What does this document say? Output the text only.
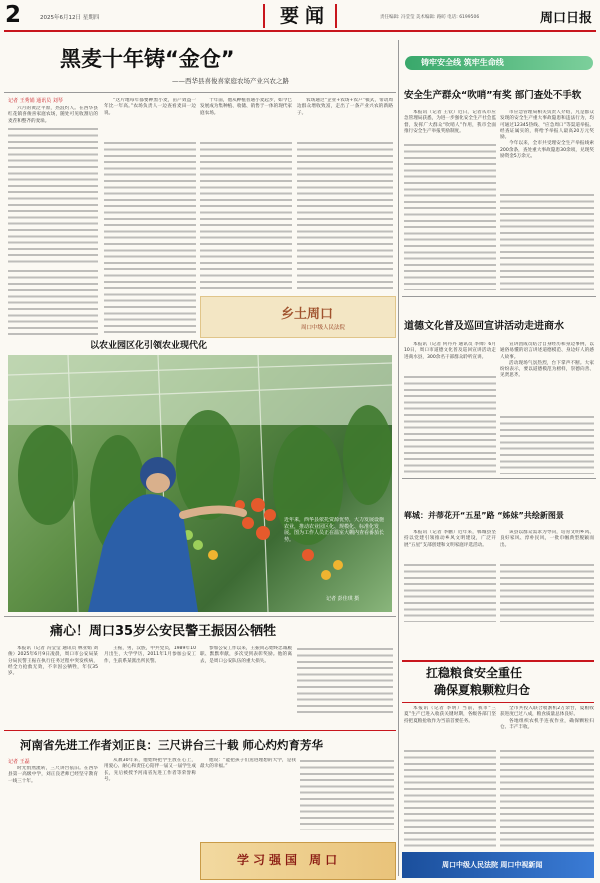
2	2025年6月12日 星期四	要闻	责任编辑: 冯莹莹 美术编辑: 路昉 电话: 6199506	周口日报
黑麦十年铸“金仓”
——西华县喜俊喜家庭农场产业兴农之路
记者 王秀娟 通讯员 刘琴

六月的黄泛平原，热浪灼人。在西华县红花镇喜俊喜家庭农场，随处可见收割后的麦茬和整齐的麦垛。

“这片地每年都要种黑小麦，亩产效益一年比一年高。”农场负责人一边查看麦田一边说。

十年前，他从种植普通小麦起步，如今已发展成为集种植、收储、销售于一体的现代家庭农场。

农场通过“企业+农场+农户”模式，带动周边群众增收致富，走出了一条产业兴农的新路子。

乡土周口
周口中级人民法院
以农业园区化引领农业现代化
近年来，西华县依托资源优势，大力发展设施农业，推动农业园区化、规模化、标准化发展。图为工作人员正在温室大棚内查看番茄长势。
记者 彭佳琪 摄
铸牢安全线 筑牢生命线
安全生产群众“吹哨”有奖 部门查处不手软

本报讯（记者 王钦）近日，记者从市应急管理局获悉，为进一步强化安全生产社会监督，发挥广大群众“吹哨人”作用，我市全面推行安全生产举报奖励制度。

市应急管理局相关负责人介绍，凡是群众发现的安全生产重大事故隐患和违法行为，均可通过12345热线、“应急周口”等渠道举报。经查证属实的，将给予举报人最高20万元奖励。

今年以来，全市共受理安全生产举报线索200余条，查处重大事故隐患30余项，兑现奖励资金5万余元。

道德文化普及巡回宣讲活动走进商水

本报讯（记者 何丹丹 通讯员 李帅）6月10日，周口市道德文化普及巡回宣讲活动走进商水县，300余名干部群众聆听宣讲。

宣讲团成员结合自身经历和身边事例，以通俗易懂的语言讲述道德模范、身边好人的感人故事。

活动现场气氛热烈，台下掌声不断。大家纷纷表示，要以道德模范为榜样，崇德向善、见贤思齐。

郸城：并蒂花开“五星”路 “姊妹”共绘新图景

本报讯（记者 李鹏）近年来，郸城县坚持以党建引领推动乡风文明建设，广泛开展“五星”支部创建和文明家庭评选活动。

该县以群众需求为导向，培育文明乡风、良好家风、淳朴民风，一批巾帼典型脱颖而出。

痛心！周口35岁公安民警王振因公牺牲

本报讯（记者 冯莹莹 通讯员 林亚娟 刘俊）2025年6月9日凌晨，周口市公安局某分局民警王振在执行任务过程中突发疾病，经全力抢救无效，不幸因公牺牲，年仅35岁。

王振，男，汉族，中共党员，1989年10月出生，大学学历，2011年1月参加公安工作，生前系某派出所民警。

参加公安工作以来，王振同志始终忠诚履职、默默奉献，多次受到表彰奖励。他的离去，是周口公安队伍的重大损失。

河南省先进工作者刘正良：三尺讲台三十载 师心灼灼育芳华
记者 王磊

时光悄然流转，三尺讲台依旧。在西华县第一高级中学，刘正良老师已经坚守教育一线三十年。

从教30年来，他始终把学生放在心上，用爱心、耐心和责任心陪伴一届又一届学生成长，先后被授予河南省先进工作者等荣誉称号。

他说：“能把孩子们送进理想的大学，是我最大的幸福。”

学习强国 周口
扛稳粮食安全重任
确保夏粮颗粒归仓

本报讯（记者 李明）当前，我市“三夏”生产已进入收获关键时期，各级各部门坚持把夏粮抢收作为当前首要任务。

全市共投入联合收割机2万余台，夏粮收获进度已过八成，粮食质量总体良好。

各地组织农机手连夜作业，确保颗粒归仓、丰产丰收。

周口中级人民法院 周口中视新闻
